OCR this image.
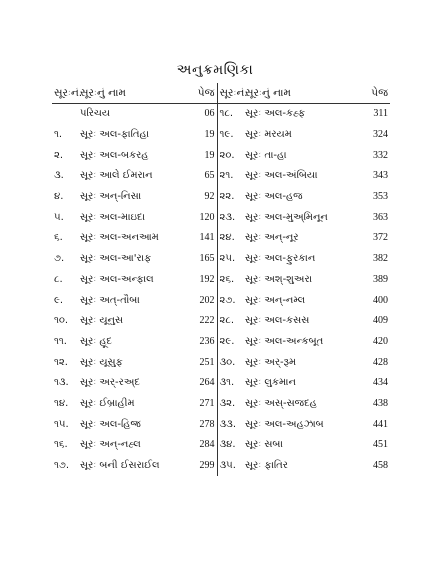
અનુક્રમણિકા
સૂરઃનં.	સૂરઃનું નામ	પેજ	સૂરઃનં.	સૂરઃનું નામ	પેજ
	પરિચય	06	૧૮.	સૂરઃ અલ-કહ્ફ	311
૧.	સૂરઃ અલ-ફાતિહા	19	૧૯.	સૂરઃ મરયમ	324
૨.	સૂરઃ અલ-બકરહ	19	૨૦.	સૂરઃ તા-હા	332
૩.	સૂરઃ આલે ઈમરાન	65	૨૧.	સૂરઃ અલ-અંબિયા	343
૪.	સૂરઃ અન્-નિસા	92	૨૨.	સૂરઃ અલ-હજ	353
૫.	સૂરઃ અલ-માઇદા	120	૨૩.	સૂરઃ અલ-મુઅ્મિનૂન	363
૬.	સૂરઃ અલ-અનઆમ	141	૨૪.	સૂરઃ અન્-નૂર	372
૭.	સૂરઃ અલ-આ'રાફ	165	૨૫.	સૂરઃ અલ-ફુરકાન	382
૮.	સૂરઃ અલ-અન્ફાલ	192	૨૬.	સૂરઃ અશ્-શુઅરા	389
૯.	સૂરઃ અત્-તૌબા	202	૨૭.	સૂરઃ અન્-નમ્લ	400
૧૦.	સૂરઃ યૂનુસ	222	૨૮.	સૂરઃ અલ-કસસ	409
૧૧.	સૂરઃ હૂદ	236	૨૯.	સૂરઃ અલ-અન્કબૂત	420
૧૨.	સૂરઃ યૂસુફ	251	૩૦.	સૂરઃ અર્-રૂમ	428
૧૩.	સૂરઃ અર્-રઅ્દ	264	૩૧.	સૂરઃ લુકમાન	434
૧૪.	સૂરઃ ઈબ્રાહીમ	271	૩૨.	સૂરઃ અસ્-સજદહ	438
૧૫.	સૂરઃ અલ-હિજ્ર	278	૩૩.	સૂરઃ અલ-અહઝાબ	441
૧૬.	સૂરઃ અન્-નહ્લ	284	૩૪.	સૂરઃ સબા	451
૧૭.	સૂરઃ બની ઈસરાઈલ	299	૩૫.	સૂરઃ ફાતિર	458
